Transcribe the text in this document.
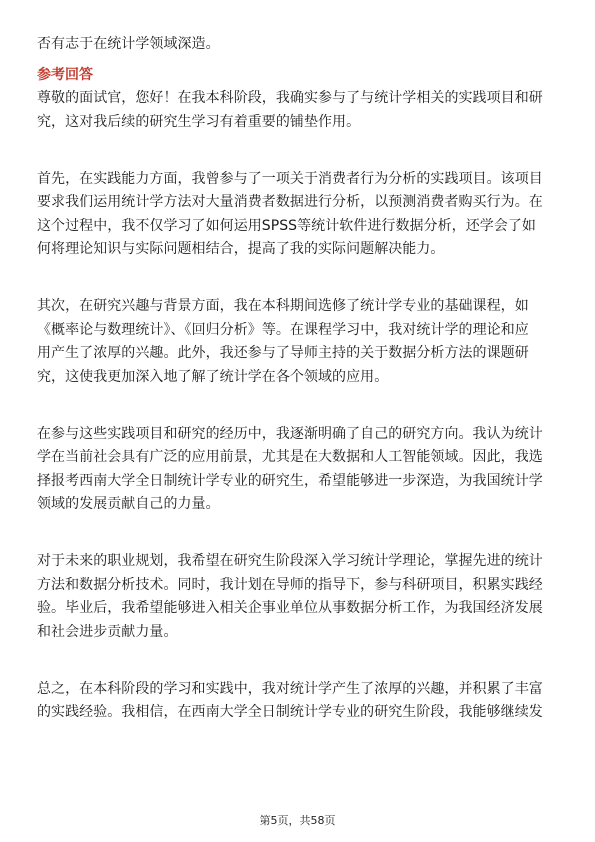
否有志于在统计学领域深造。
参考回答
尊敬的面试官，您好！在我本科阶段，我确实参与了与统计学相关的实践项目和研
究，这对我后续的研究生学习有着重要的铺垫作用。
首先，在实践能力方面，我曾参与了一项关于消费者行为分析的实践项目。该项目
要求我们运用统计学方法对大量消费者数据进行分析，以预测消费者购买行为。在
这个过程中，我不仅学习了如何运用SPSS等统计软件进行数据分析，还学会了如
何将理论知识与实际问题相结合，提高了我的实际问题解决能力。
其次，在研究兴趣与背景方面，我在本科期间选修了统计学专业的基础课程，如
《概率论与数理统计》、《回归分析》等。在课程学习中，我对统计学的理论和应
用产生了浓厚的兴趣。此外，我还参与了导师主持的关于数据分析方法的课题研
究，这使我更加深入地了解了统计学在各个领域的应用。
在参与这些实践项目和研究的经历中，我逐渐明确了自己的研究方向。我认为统计
学在当前社会具有广泛的应用前景，尤其是在大数据和人工智能领域。因此，我选
择报考西南大学全日制统计学专业的研究生，希望能够进一步深造，为我国统计学
领域的发展贡献自己的力量。
对于未来的职业规划，我希望在研究生阶段深入学习统计学理论，掌握先进的统计
方法和数据分析技术。同时，我计划在导师的指导下，参与科研项目，积累实践经
验。毕业后，我希望能够进入相关企事业单位从事数据分析工作，为我国经济发展
和社会进步贡献力量。
总之，在本科阶段的学习和实践中，我对统计学产生了浓厚的兴趣，并积累了丰富
的实践经验。我相信，在西南大学全日制统计学专业的研究生阶段，我能够继续发
第5页，共58页
